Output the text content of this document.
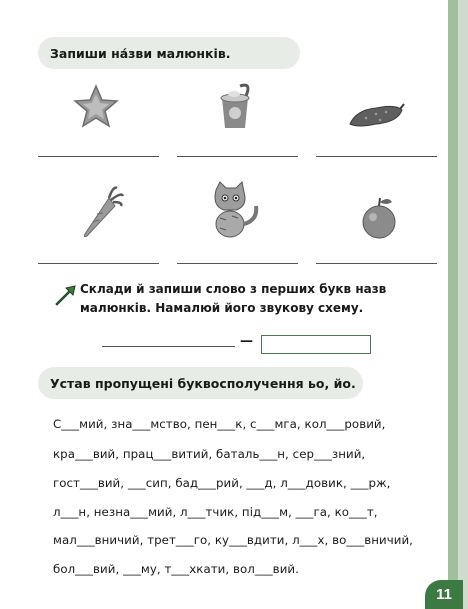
Запиши на́зви малюнків.
Склади й запиши слово з перших букв назв
малюнків. Намалюй його звукову схему.
—
Устав пропущені буквосполучення ьо, йо.
С___мий, зна___мство, пен___к, с___мга, кол___ровий,
кра___вий, прац___витий, баталь___н, сер___зний,
гост___вий, ___сип, бад___рий, ___д, л___довик, ___рж,
л___н, незна___мий, л___тчик, під___м, ___га, ко___т,
мал___вничий, трет___го, ку___вдити, л___х, во___вничий,
бол___вий, ___му, т___хкати, вол___вий.
11
